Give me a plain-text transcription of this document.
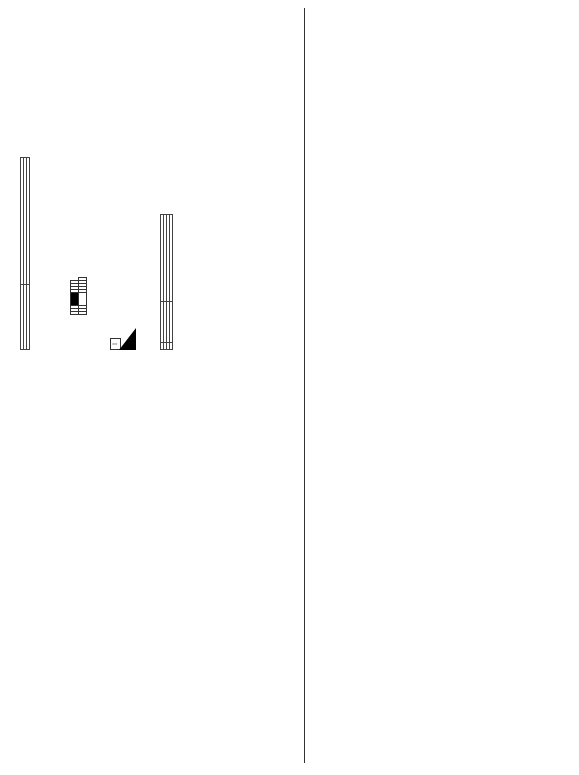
▯
